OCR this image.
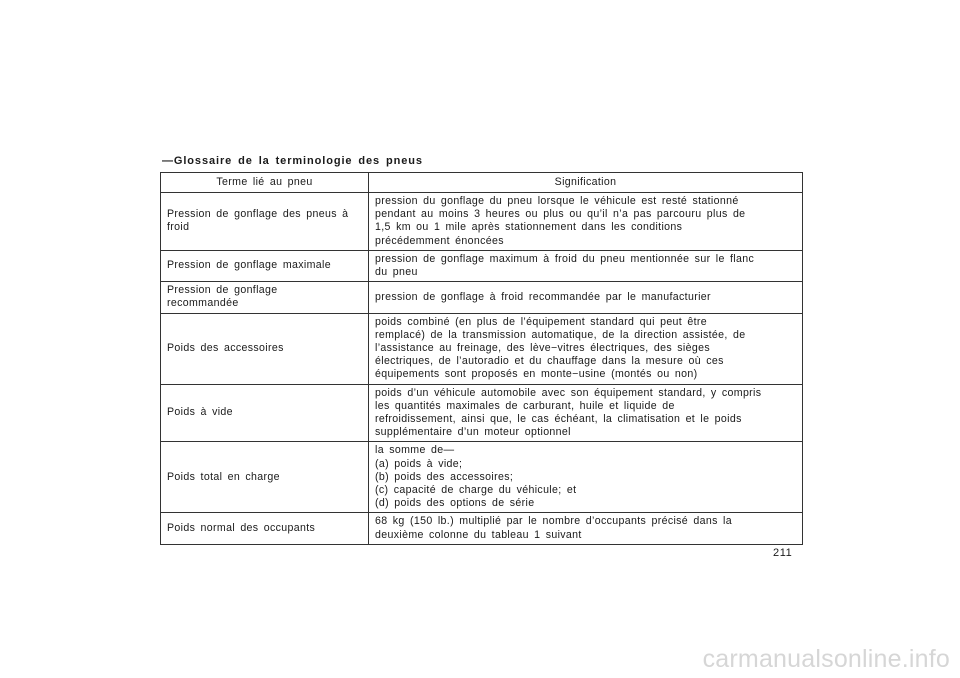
—Glossaire de la terminologie des pneus
Terme lié au pneu	Signification

Pression de gonflage des pneus à
froid	pression du gonflage du pneu lorsque le véhicule est resté stationné
pendant au moins 3 heures ou plus ou qu’il n’a pas parcouru plus de
1,5 km ou 1 mile après stationnement dans les conditions
précédemment énoncées

Pression de gonflage maximale	pression de gonflage maximum à froid du pneu mentionnée sur le flanc
du pneu

Pression de gonflage
recommandée	pression de gonflage à froid recommandée par le manufacturier

Poids des accessoires	poids combiné (en plus de l’équipement standard qui peut être
remplacé) de la transmission automatique, de la direction assistée, de
l’assistance au freinage, des lève−vitres électriques, des sièges
électriques, de l’autoradio et du chauffage dans la mesure où ces
équipements sont proposés en monte−usine (montés ou non)

Poids à vide	poids d’un véhicule automobile avec son équipement standard, y compris
les quantités maximales de carburant, huile et liquide de
refroidissement, ainsi que, le cas échéant, la climatisation et le poids
supplémentaire d’un moteur optionnel

Poids total en charge	la somme de—
(a) poids à vide;
(b) poids des accessoires;
(c) capacité de charge du véhicule; et
(d) poids des options de série

Poids normal des occupants	68 kg (150 lb.) multiplié par le nombre d’occupants précisé dans la
deuxième colonne du tableau 1 suivant
211
carmanualsonline.info
